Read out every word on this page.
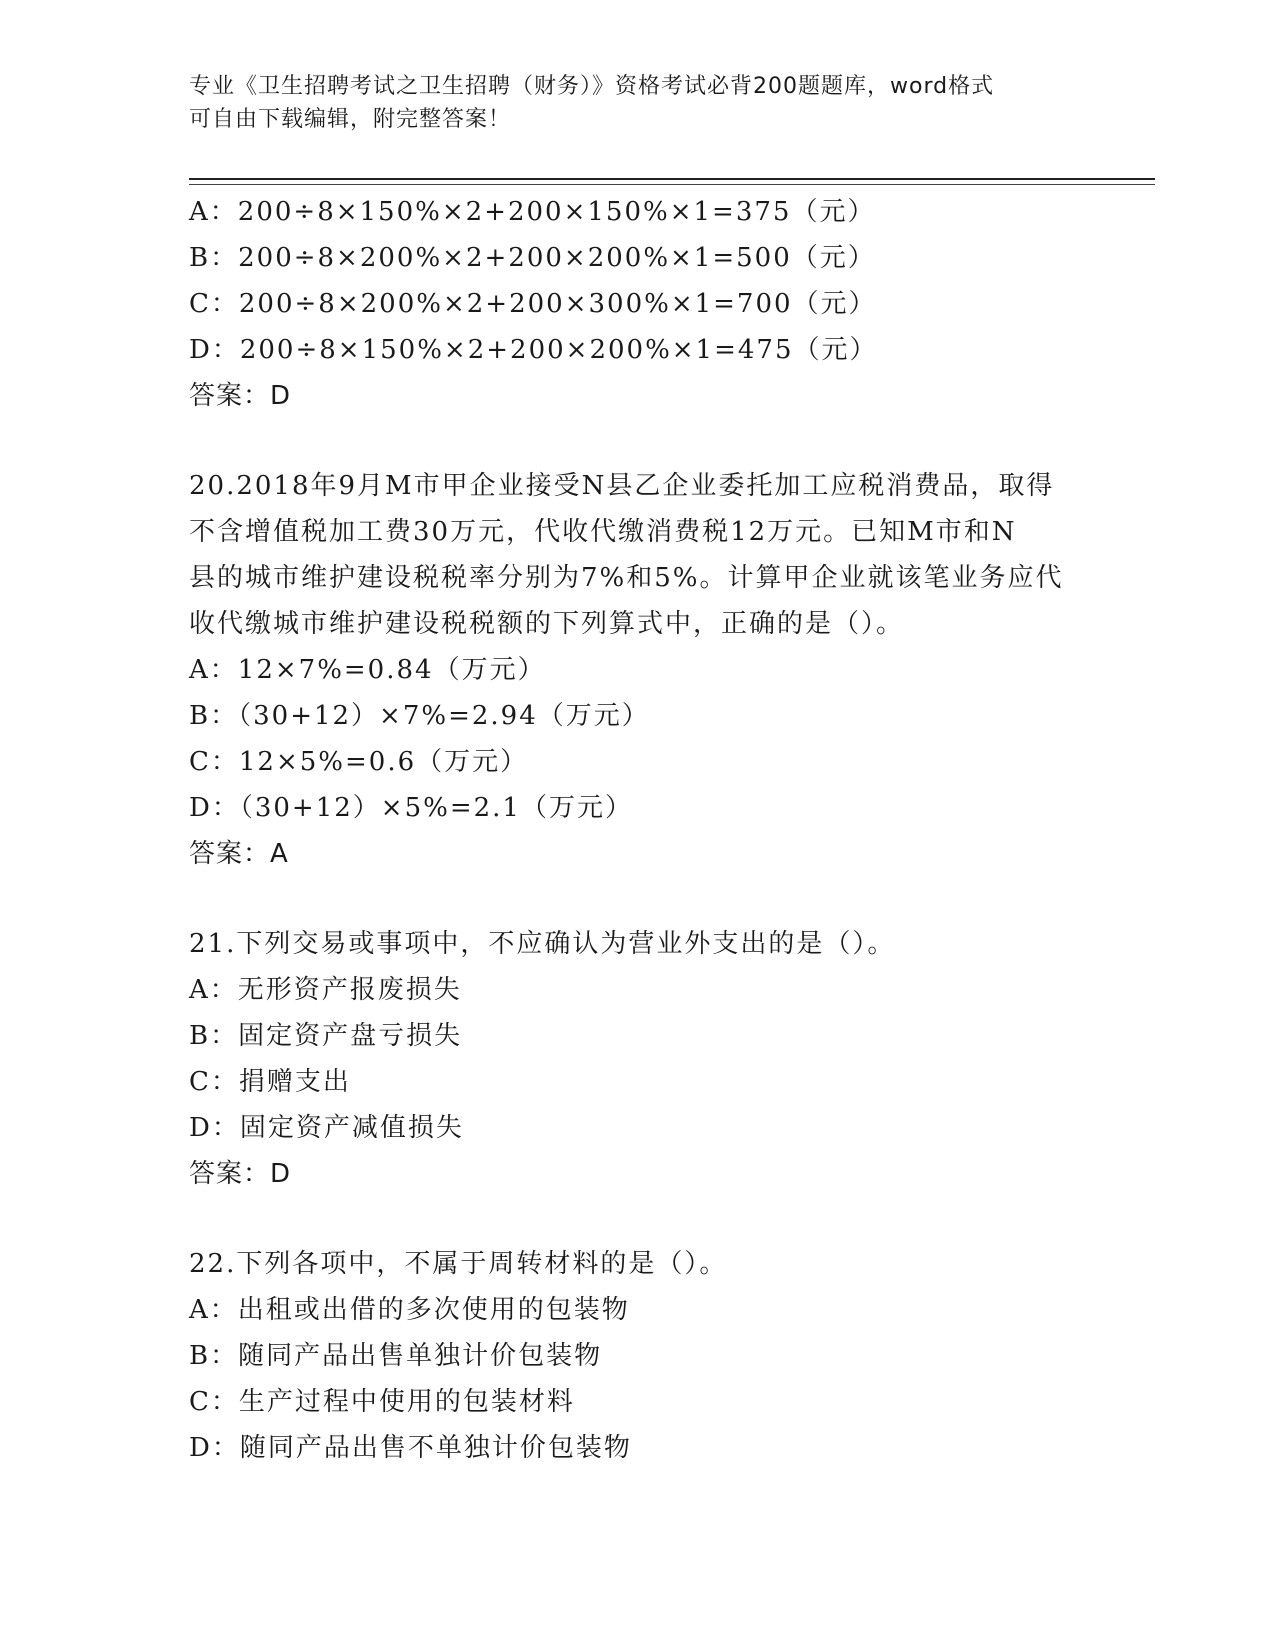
专业《卫生招聘考试之卫生招聘（财务）》资格考试必背200题题库，word格式
可自由下载编辑，附完整答案！
A：200÷8×150%×2+200×150%×1=375（元）
B：200÷8×200%×2+200×200%×1=500（元）
C：200÷8×200%×2+200×300%×1=700（元）
D：200÷8×150%×2+200×200%×1=475（元）
答案：D
20.2018年9月M市甲企业接受N县乙企业委托加工应税消费品，取得
不含增值税加工费30万元，代收代缴消费税12万元。已知M市和N
县的城市维护建设税税率分别为7%和5%。计算甲企业就该笔业务应代
收代缴城市维护建设税税额的下列算式中，正确的是（）。
A：12×7%=0.84（万元）
B：（30+12）×7%=2.94（万元）
C：12×5%=0.6（万元）
D：（30+12）×5%=2.1（万元）
答案：A
21.下列交易或事项中，不应确认为营业外支出的是（）。
A：无形资产报废损失
B：固定资产盘亏损失
C：捐赠支出
D：固定资产减值损失
答案：D
22.下列各项中，不属于周转材料的是（）。
A：出租或出借的多次使用的包装物
B：随同产品出售单独计价包装物
C：生产过程中使用的包装材料
D：随同产品出售不单独计价包装物
